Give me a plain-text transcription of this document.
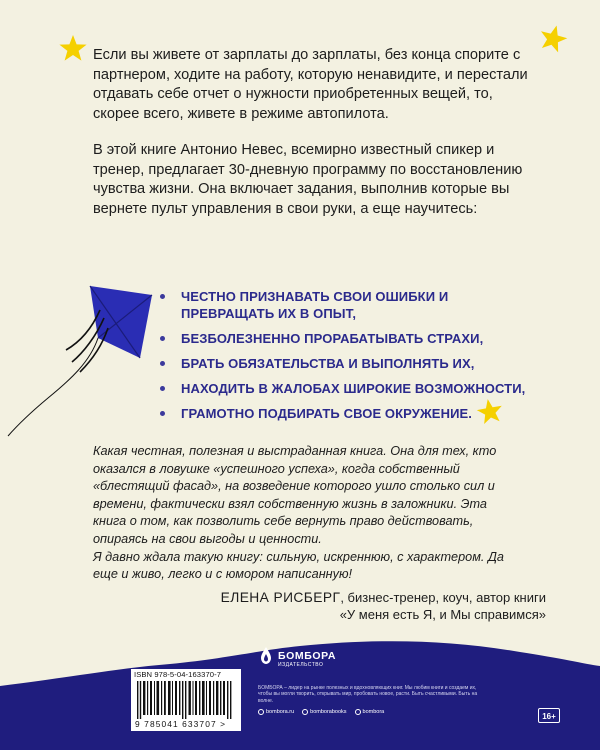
Если вы живете от зарплаты до зарплаты, без конца спорите с партнером, ходите на работу, которую ненавидите, и перестали отдавать себе отчет о нужности приобретенных вещей, то, скорее всего, живете в режиме автопилота.

В этой книге Антонио Невес, всемирно известный спикер и тренер, предлагает 30-дневную программу по восстановлению чувства жизни. Она включает задания, выполнив которые вы вернете пульт управления в свои руки, а еще научитесь:

ЧЕСТНО ПРИЗНАВАТЬ СВОИ ОШИБКИ И ПРЕВРАЩАТЬ ИХ В ОПЫТ,
БЕЗБОЛЕЗНЕННО ПРОРАБАТЫВАТЬ СТРАХИ,
БРАТЬ ОБЯЗАТЕЛЬСТВА И ВЫПОЛНЯТЬ ИХ,
НАХОДИТЬ В ЖАЛОБАХ ШИРОКИЕ ВОЗМОЖНОСТИ,
ГРАМОТНО ПОДБИРАТЬ СВОЕ ОКРУЖЕНИЕ.

Какая честная, полезная и выстраданная книга. Она для тех, кто оказался в ловушке «успешного успеха», когда собственный «блестящий фасад», на возведение которого ушло столько сил и времени, фактически взял собственную жизнь в заложники. Эта книга о том, как позволить себе вернуть право действовать, опираясь на свои выгоды и ценности.

Я давно ждала такую книгу: сильную, искреннюю, с характером. Да еще и живо, легко и с юмором написанную!

ЕЛЕНА РИСБЕРГ, бизнес-тренер, коуч, автор книги
«У меня есть Я, и Мы справимся»
ISBN 978-5-04-163370-7
9 785041 633707 >
БОМБОРА
ИЗДАТЕЛЬСТВО
БОМБОРА – лидер на рынке полезных и вдохновляющих книг. Мы любим книги и создаем их, чтобы вы могли творить, открывать мир, пробовать новое, расти. Быть счастливыми. Быть на волне.
bombora.ru	bomborabooks	bombora	16+
